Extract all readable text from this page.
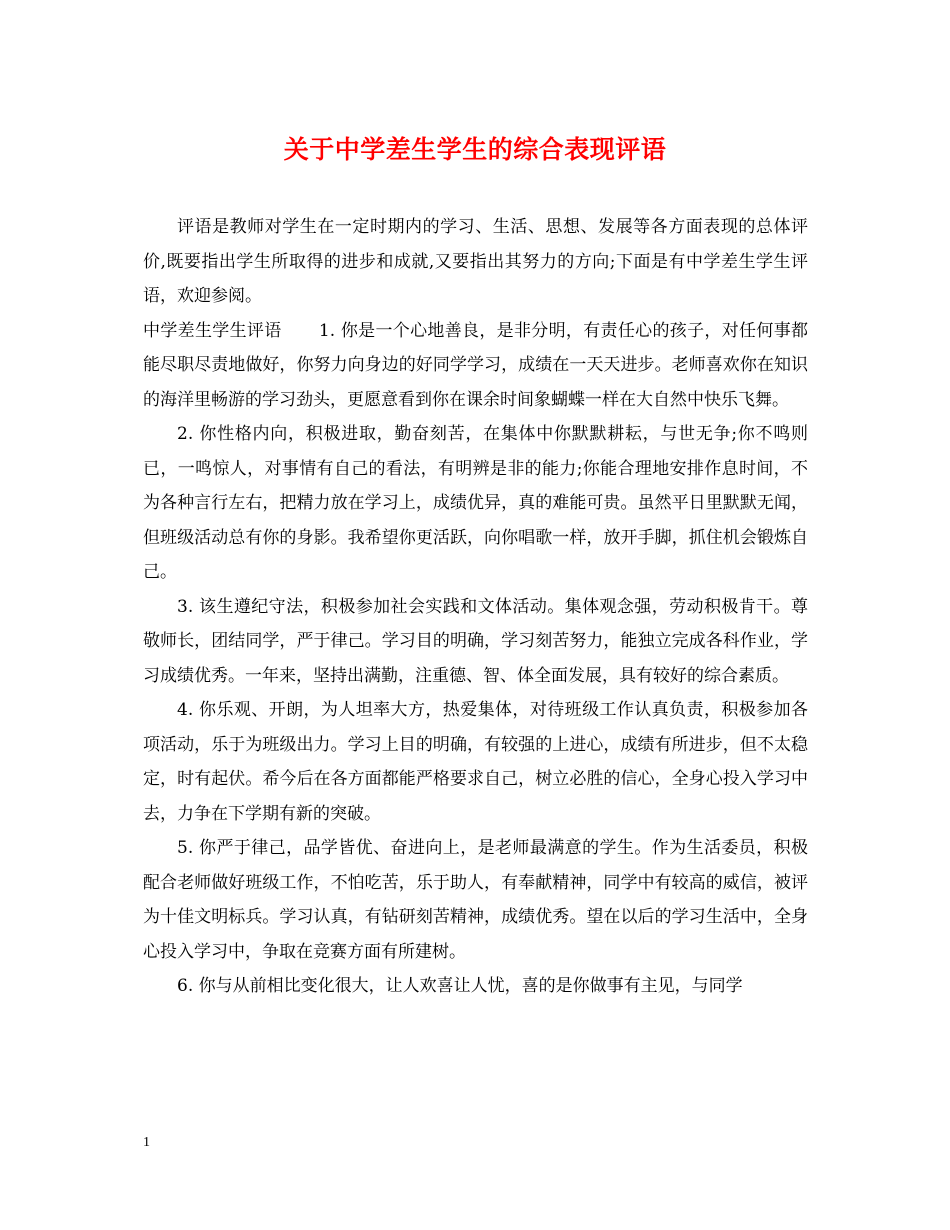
关于中学差生学生的综合表现评语

评语是教师对学生在一定时期内的学习、生活、思想、发展等各方面表现的总体评价,既要指出学生所取得的进步和成就,又要指出其努力的方向;下面是有中学差生学生评语，欢迎参阅。

中学差生学生评语 1. 你是一个心地善良，是非分明，有责任心的孩子，对任何事都能尽职尽责地做好，你努力向身边的好同学学习，成绩在一天天进步。老师喜欢你在知识的海洋里畅游的学习劲头，更愿意看到你在课余时间象蝴蝶一样在大自然中快乐飞舞。

2. 你性格内向，积极进取，勤奋刻苦，在集体中你默默耕耘，与世无争;你不鸣则已，一鸣惊人，对事情有自己的看法，有明辨是非的能力;你能合理地安排作息时间，不为各种言行左右，把精力放在学习上，成绩优异，真的难能可贵。虽然平日里默默无闻，但班级活动总有你的身影。我希望你更活跃，向你唱歌一样，放开手脚，抓住机会锻炼自己。

3. 该生遵纪守法，积极参加社会实践和文体活动。集体观念强，劳动积极肯干。尊敬师长，团结同学，严于律己。学习目的明确，学习刻苦努力，能独立完成各科作业，学习成绩优秀。一年来，坚持出满勤，注重德、智、体全面发展，具有较好的综合素质。

4. 你乐观、开朗，为人坦率大方，热爱集体，对待班级工作认真负责，积极参加各项活动，乐于为班级出力。学习上目的明确，有较强的上进心，成绩有所进步，但不太稳定，时有起伏。希今后在各方面都能严格要求自己，树立必胜的信心，全身心投入学习中去，力争在下学期有新的突破。

5. 你严于律己，品学皆优、奋进向上，是老师最满意的学生。作为生活委员，积极配合老师做好班级工作，不怕吃苦，乐于助人，有奉献精神，同学中有较高的威信，被评为十佳文明标兵。学习认真，有钻研刻苦精神，成绩优秀。望在以后的学习生活中，全身心投入学习中，争取在竞赛方面有所建树。

6. 你与从前相比变化很大，让人欢喜让人忧，喜的是你做事有主见，与同学

1
